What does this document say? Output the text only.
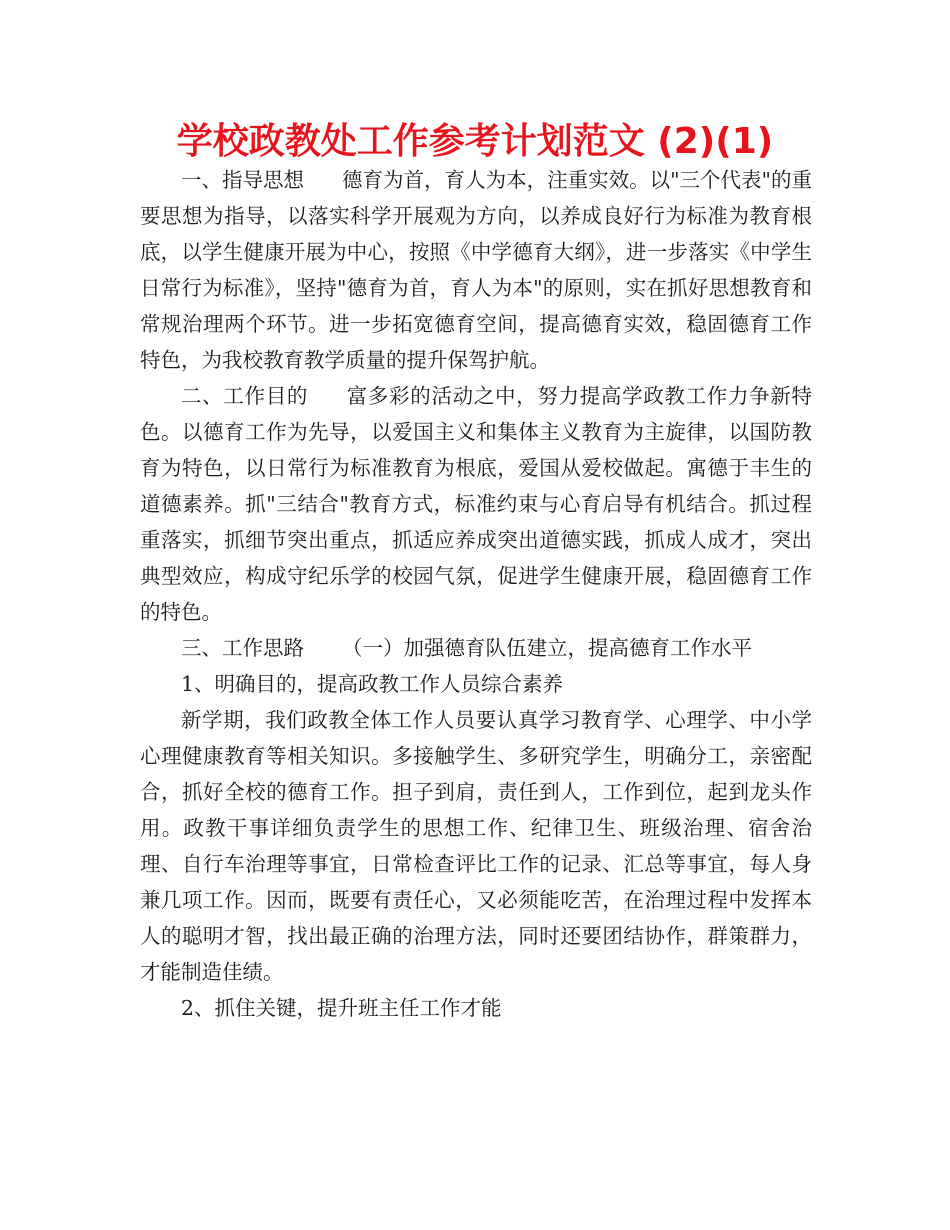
学校政教处工作参考计划范文 (2)(1)

一、指导思想 德育为首，育人为本，注重实效。以"三个代表"的重要思想为指导，以落实科学开展观为方向，以养成良好行为标准为教育根底，以学生健康开展为中心，按照《中学德育大纲》，进一步落实《中学生日常行为标准》，坚持"德育为首，育人为本"的原则，实在抓好思想教育和常规治理两个环节。进一步拓宽德育空间，提高德育实效，稳固德育工作特色，为我校教育教学质量的提升保驾护航。

二、工作目的 富多彩的活动之中，努力提高学政教工作力争新特色。以德育工作为先导，以爱国主义和集体主义教育为主旋律，以国防教育为特色，以日常行为标准教育为根底，爱国从爱校做起。寓德于丰生的道德素养。抓"三结合"教育方式，标准约束与心育启导有机结合。抓过程重落实，抓细节突出重点，抓适应养成突出道德实践，抓成人成才，突出典型效应，构成守纪乐学的校园气氛，促进学生健康开展，稳固德育工作的特色。

三、工作思路 （一）加强德育队伍建立，提高德育工作水平

1、明确目的，提高政教工作人员综合素养

新学期，我们政教全体工作人员要认真学习教育学、心理学、中小学心理健康教育等相关知识。多接触学生、多研究学生，明确分工，亲密配合，抓好全校的德育工作。担子到肩，责任到人，工作到位，起到龙头作用。政教干事详细负责学生的思想工作、纪律卫生、班级治理、宿舍治理、自行车治理等事宜，日常检查评比工作的记录、汇总等事宜，每人身兼几项工作。因而，既要有责任心，又必须能吃苦，在治理过程中发挥本人的聪明才智，找出最正确的治理方法，同时还要团结协作，群策群力，才能制造佳绩。

2、抓住关键，提升班主任工作才能
